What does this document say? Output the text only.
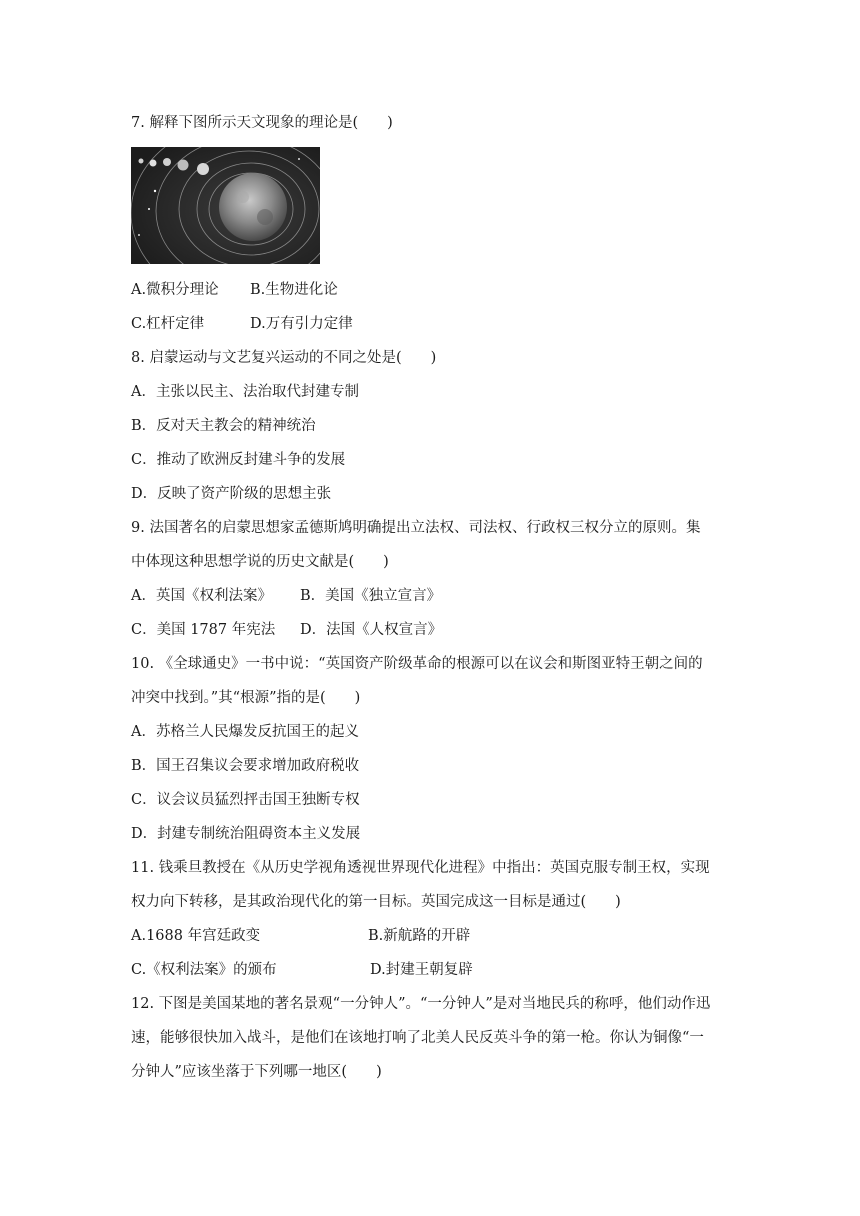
7. 解释下图所示天文现象的理论是(　　)
A.微积分理论 B.生物进化论
C.杠杆定律	D.万有引力定律
8. 启蒙运动与文艺复兴运动的不同之处是(　　)
A．主张以民主、法治取代封建专制
B．反对天主教会的精神统治
C．推动了欧洲反封建斗争的发展
D．反映了资产阶级的思想主张
9. 法国著名的启蒙思想家孟德斯鸠明确提出立法权、司法权、行政权三权分立的原则。集
中体现这种思想学说的历史文献是(　　)
A．英国《权利法案》 B．美国《独立宣言》
C．美国 1787 年宪法 D．法国《人权宣言》
10. 《全球通史》一书中说：“英国资产阶级革命的根源可以在议会和斯图亚特王朝之间的
冲突中找到。”其“根源”指的是(　　)
A．苏格兰人民爆发反抗国王的起义
B．国王召集议会要求增加政府税收
C．议会议员猛烈抨击国王独断专权
D．封建专制统治阻碍资本主义发展
11. 钱乘旦教授在《从历史学视角透视世界现代化进程》中指出：英国克服专制王权，实现
权力向下转移，是其政治现代化的第一目标。英国完成这一目标是通过(　　)
A.1688 年宫廷政变	B.新航路的开辟
C.《权利法案》的颁布	D.封建王朝复辟
12. 下图是美国某地的著名景观“一分钟人”。“一分钟人”是对当地民兵的称呼，他们动作迅
速，能够很快加入战斗，是他们在该地打响了北美人民反英斗争的第一枪。你认为铜像“一
分钟人”应该坐落于下列哪一地区(　　)
